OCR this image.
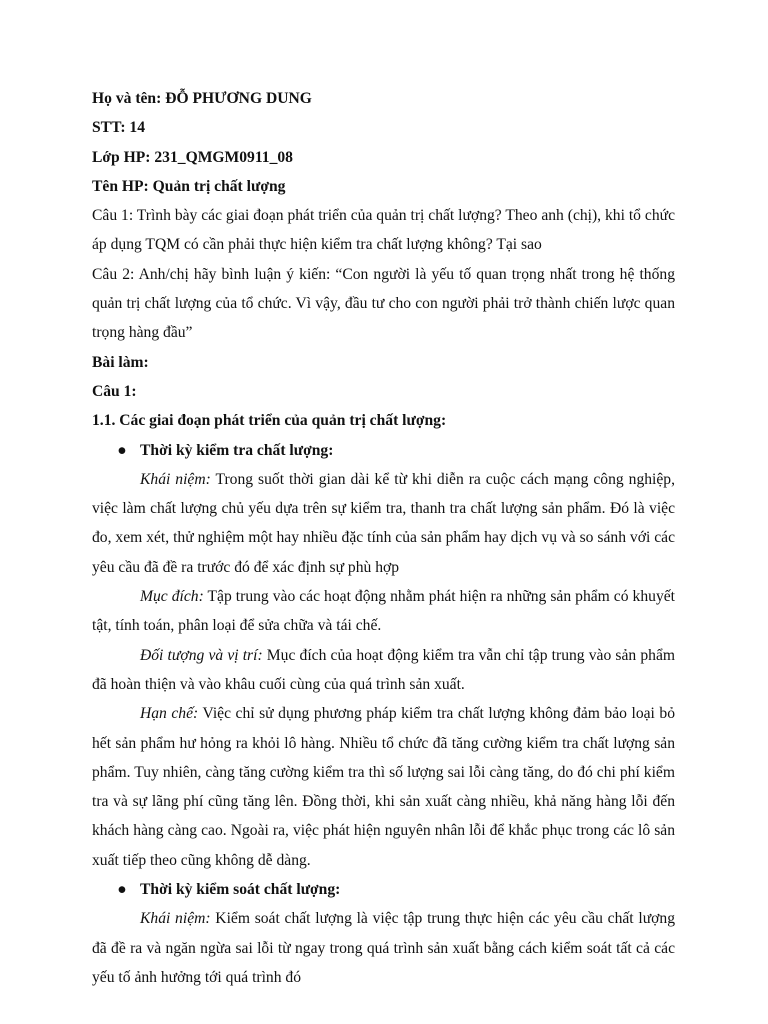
Họ và tên: ĐỖ PHƯƠNG DUNG
STT: 14
Lớp HP: 231_QMGM0911_08
Tên HP: Quản trị chất lượng

Câu 1: Trình bày các giai đoạn phát triển của quản trị chất lượng? Theo anh (chị), khi tổ chức áp dụng TQM có cần phải thực hiện kiểm tra chất lượng không? Tại sao

Câu 2: Anh/chị hãy bình luận ý kiến: “Con người là yếu tố quan trọng nhất trong hệ thống quản trị chất lượng của tổ chức. Vì vậy, đầu tư cho con người phải trở thành chiến lược quan trọng hàng đầu”

Bài làm:
Câu 1:
1.1. Các giai đoạn phát triển của quản trị chất lượng:
● Thời kỳ kiểm tra chất lượng:

Khái niệm: Trong suốt thời gian dài kể từ khi diễn ra cuộc cách mạng công nghiệp, việc làm chất lượng chủ yếu dựa trên sự kiểm tra, thanh tra chất lượng sản phẩm. Đó là việc đo, xem xét, thử nghiệm một hay nhiều đặc tính của sản phẩm hay dịch vụ và so sánh với các yêu cầu đã đề ra trước đó để xác định sự phù hợp

Mục đích: Tập trung vào các hoạt động nhằm phát hiện ra những sản phẩm có khuyết tật, tính toán, phân loại để sửa chữa và tái chế.

Đối tượng và vị trí: Mục đích của hoạt động kiểm tra vẫn chỉ tập trung vào sản phẩm đã hoàn thiện và vào khâu cuối cùng của quá trình sản xuất.

Hạn chế: Việc chỉ sử dụng phương pháp kiểm tra chất lượng không đảm bảo loại bỏ hết sản phẩm hư hỏng ra khỏi lô hàng. Nhiều tổ chức đã tăng cường kiểm tra chất lượng sản phẩm. Tuy nhiên, càng tăng cường kiểm tra thì số lượng sai lỗi càng tăng, do đó chi phí kiểm tra và sự lãng phí cũng tăng lên. Đồng thời, khi sản xuất càng nhiều, khả năng hàng lỗi đến khách hàng càng cao. Ngoài ra, việc phát hiện nguyên nhân lỗi để khắc phục trong các lô sản xuất tiếp theo cũng không dễ dàng.

● Thời kỳ kiểm soát chất lượng:

Khái niệm: Kiểm soát chất lượng là việc tập trung thực hiện các yêu cầu chất lượng đã đề ra và ngăn ngừa sai lỗi từ ngay trong quá trình sản xuất bằng cách kiểm soát tất cả các yếu tố ảnh hưởng tới quá trình đó
